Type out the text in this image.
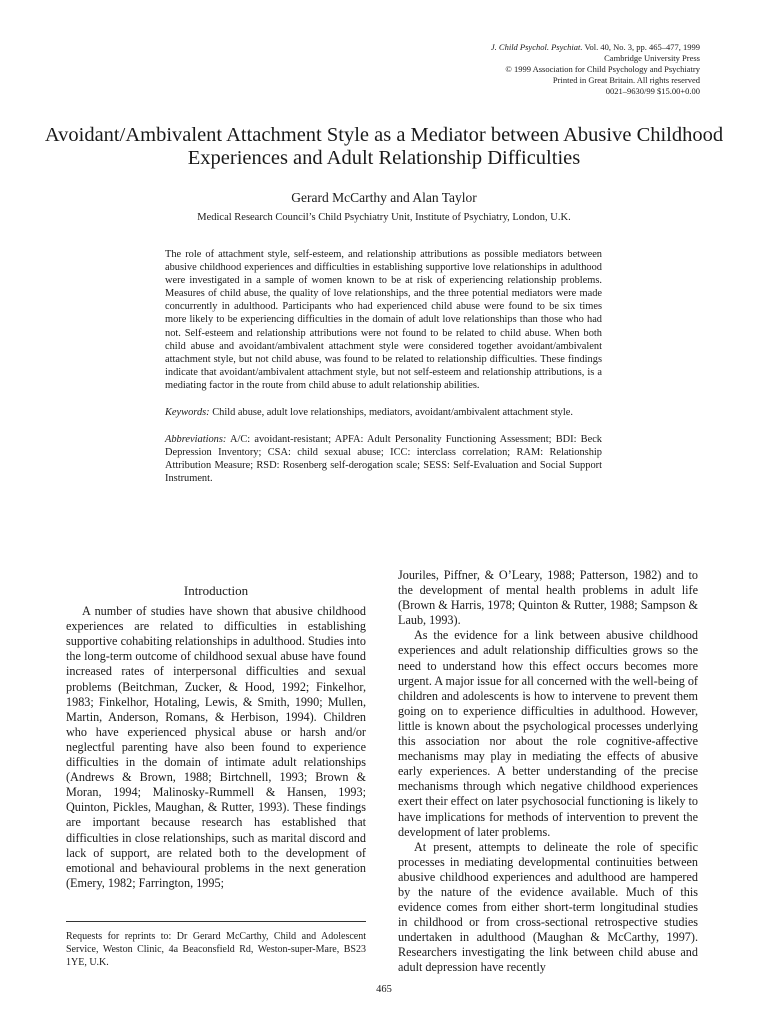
J. Child Psychol. Psychiat. Vol. 40, No. 3, pp. 465–477, 1999
Cambridge University Press
© 1999 Association for Child Psychology and Psychiatry
Printed in Great Britain. All rights reserved
0021–9630/99 $15.00+0.00
Avoidant/Ambivalent Attachment Style as a Mediator between Abusive Childhood Experiences and Adult Relationship Difficulties
Gerard McCarthy and Alan Taylor
Medical Research Council’s Child Psychiatry Unit, Institute of Psychiatry, London, U.K.

The role of attachment style, self-esteem, and relationship attributions as possible mediators between abusive childhood experiences and difficulties in establishing supportive love relationships in adulthood were investigated in a sample of women known to be at risk of experiencing relationship problems. Measures of child abuse, the quality of love relationships, and the three potential mediators were made concurrently in adulthood. Participants who had experienced child abuse were found to be six times more likely to be experiencing difficulties in the domain of adult love relationships than those who had not. Self-esteem and relationship attributions were not found to be related to child abuse. When both child abuse and avoidant/ambivalent attachment style were considered together avoidant/ambivalent attachment style, but not child abuse, was found to be related to relationship difficulties. These findings indicate that avoidant/ambivalent attachment style, but not self-esteem and relationship attributions, is a mediating factor in the route from child abuse to adult relationship abilities.

Keywords: Child abuse, adult love relationships, mediators, avoidant/ambivalent attachment style.

Abbreviations: A/C: avoidant-resistant; APFA: Adult Personality Functioning Assessment; BDI: Beck Depression Inventory; CSA: child sexual abuse; ICC: interclass correlation; RAM: Relationship Attribution Measure; RSD: Rosenberg self-derogation scale; SESS: Self-Evaluation and Social Support Instrument.

Introduction

A number of studies have shown that abusive childhood experiences are related to difficulties in establishing supportive cohabiting relationships in adulthood. Studies into the long-term outcome of childhood sexual abuse have found increased rates of interpersonal difficulties and sexual problems (Beitchman, Zucker, & Hood, 1992; Finkelhor, 1983; Finkelhor, Hotaling, Lewis, & Smith, 1990; Mullen, Martin, Anderson, Romans, & Herbison, 1994). Children who have experienced physical abuse or harsh and/or neglectful parenting have also been found to experience difficulties in the domain of intimate adult relationships (Andrews & Brown, 1988; Birtchnell, 1993; Brown & Moran, 1994; Malinosky-Rummell & Hansen, 1993; Quinton, Pickles, Maughan, & Rutter, 1993). These findings are important because research has established that difficulties in close relationships, such as marital discord and lack of support, are related both to the development of emotional and behavioural problems in the next generation (Emery, 1982; Farrington, 1995;

Jouriles, Piffner, & O’Leary, 1988; Patterson, 1982) and to the development of mental health problems in adult life (Brown & Harris, 1978; Quinton & Rutter, 1988; Sampson & Laub, 1993).

As the evidence for a link between abusive childhood experiences and adult relationship difficulties grows so the need to understand how this effect occurs becomes more urgent. A major issue for all concerned with the well-being of children and adolescents is how to intervene to prevent them going on to experience difficulties in adulthood. However, little is known about the psychological processes underlying this association nor about the role cognitive-affective mechanisms may play in mediating the effects of abusive early experiences. A better understanding of the precise mechanisms through which negative childhood experiences exert their effect on later psychosocial functioning is likely to have implications for methods of intervention to prevent the development of later problems.

At present, attempts to delineate the role of specific processes in mediating developmental continuities between abusive childhood experiences and adulthood are hampered by the nature of the evidence available. Much of this evidence comes from either short-term longitudinal studies in childhood or from cross-sectional retrospective studies undertaken in adulthood (Maughan & McCarthy, 1997). Researchers investigating the link between child abuse and adult depression have recently

Requests for reprints to: Dr Gerard McCarthy, Child and Adolescent Service, Weston Clinic, 4a Beaconsfield Rd, Weston-super-Mare, BS23 1YE, U.K.
465
